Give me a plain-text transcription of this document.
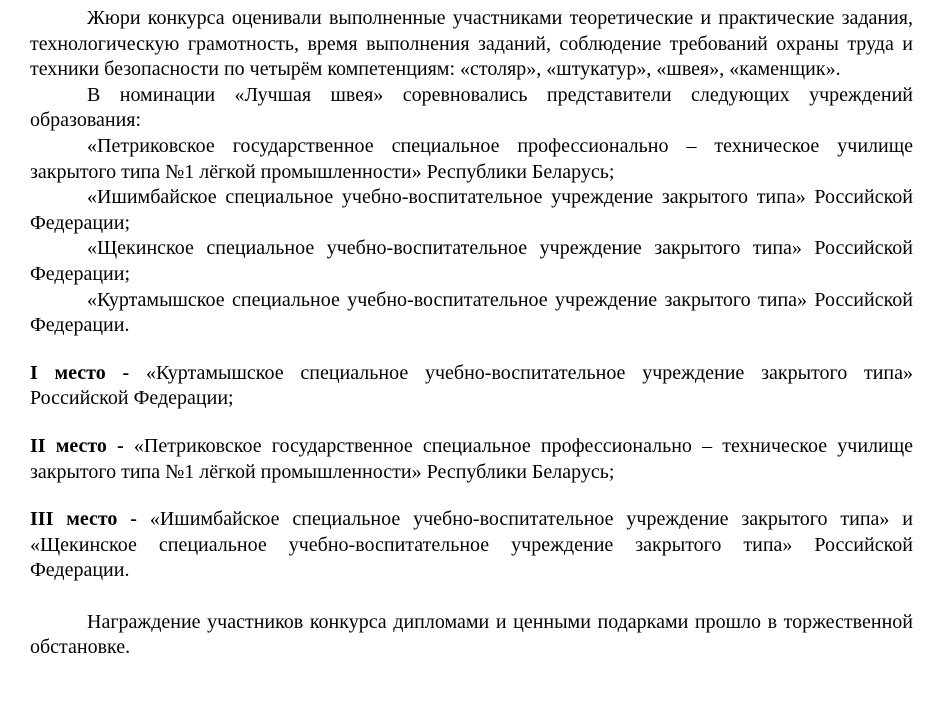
Жюри конкурса оценивали выполненные участниками теоретические и практические задания, технологическую грамотность, время выполнения заданий, соблюдение требований охраны труда и техники безопасности по четырём компетенциям: «столяр», «штукатур», «швея», «каменщик».

В номинации «Лучшая швея» соревновались представители следующих учреждений образования:

«Петриковское государственное специальное профессионально – техническое училище закрытого типа №1 лёгкой промышленности» Республики Беларусь;

«Ишимбайское специальное учебно-воспитательное учреждение закрытого типа» Российской Федерации;

«Щекинское специальное учебно-воспитательное учреждение закрытого типа» Российской Федерации;

«Куртамышское специальное учебно-воспитательное учреждение закрытого типа» Российской Федерации.

I место - «Куртамышское специальное учебно-воспитательное учреждение закрытого типа» Российской Федерации;

II место - «Петриковское государственное специальное профессионально – техническое училище закрытого типа №1 лёгкой промышленности» Республики Беларусь;

III место - «Ишимбайское специальное учебно-воспитательное учреждение закрытого типа» и «Щекинское специальное учебно-воспитательное учреждение закрытого типа» Российской Федерации.

Награждение участников конкурса дипломами и ценными подарками прошло в торжественной обстановке.
